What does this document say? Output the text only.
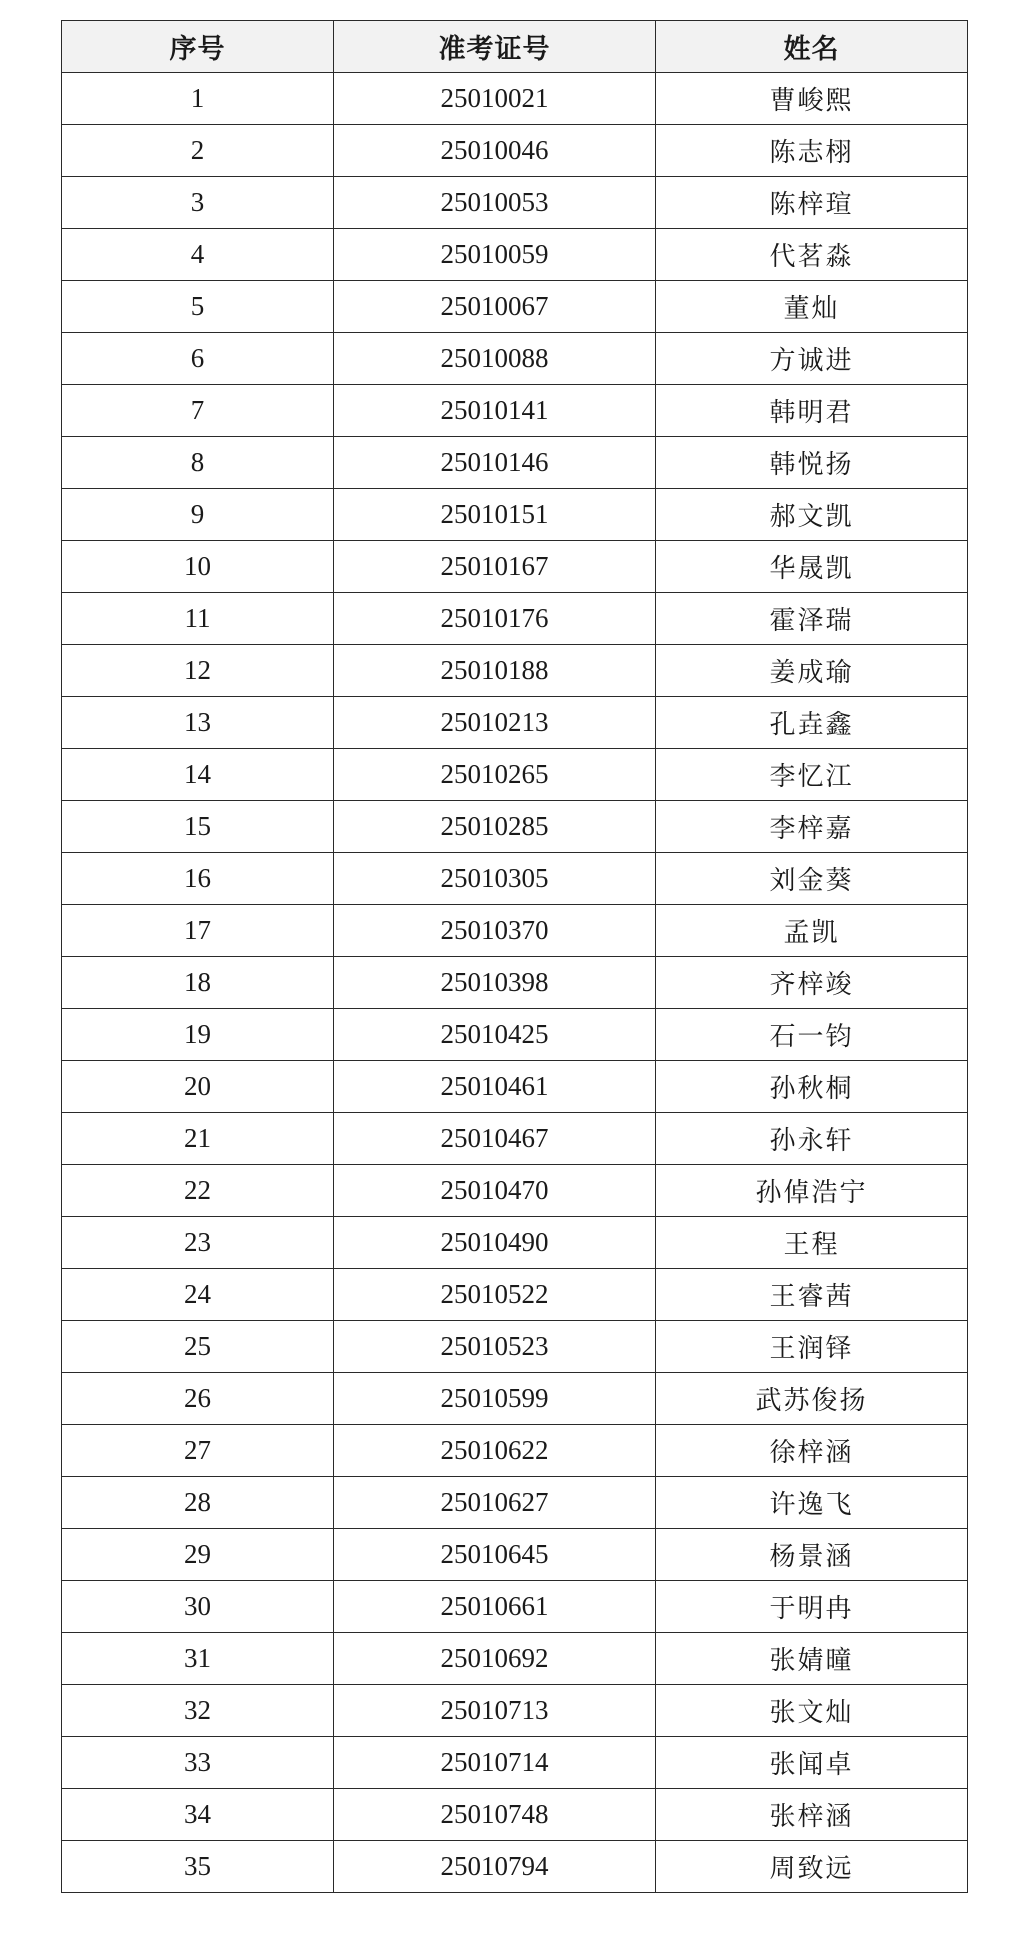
序号	准考证号	姓名
1	25010021	曹峻熙
2	25010046	陈志栩
3	25010053	陈梓瑄
4	25010059	代茗淼
5	25010067	董灿
6	25010088	方诚进
7	25010141	韩明君
8	25010146	韩悦扬
9	25010151	郝文凯
10	25010167	华晟凯
11	25010176	霍泽瑞
12	25010188	姜成瑜
13	25010213	孔垚鑫
14	25010265	李忆江
15	25010285	李梓嘉
16	25010305	刘金葵
17	25010370	孟凯
18	25010398	齐梓竣
19	25010425	石一钧
20	25010461	孙秋桐
21	25010467	孙永轩
22	25010470	孙倬浩宁
23	25010490	王程
24	25010522	王睿茜
25	25010523	王润铎
26	25010599	武苏俊扬
27	25010622	徐梓涵
28	25010627	许逸飞
29	25010645	杨景涵
30	25010661	于明冉
31	25010692	张婧曈
32	25010713	张文灿
33	25010714	张闻卓
34	25010748	张梓涵
35	25010794	周致远
